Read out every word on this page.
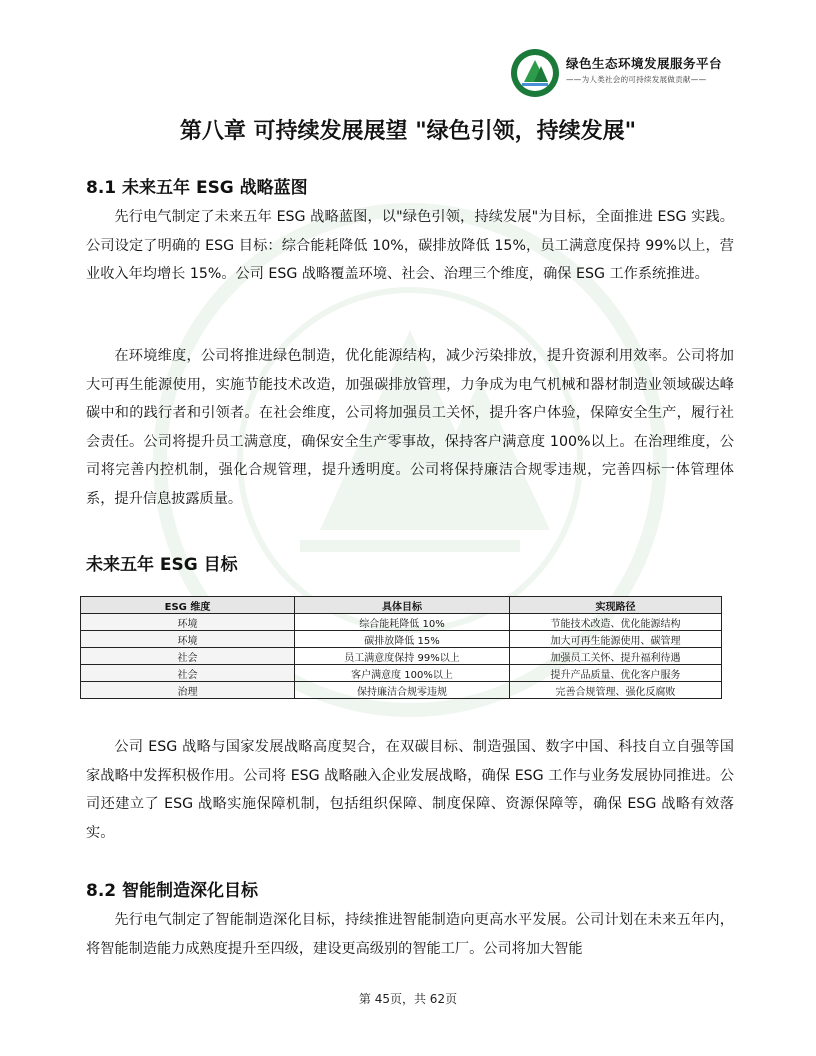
绿色生态环境发展服务平台
——为人类社会的可持续发展做贡献——
第八章 可持续发展展望 "绿色引领，持续发展"
8.1 未来五年 ESG 战略蓝图

先行电气制定了未来五年 ESG 战略蓝图，以"绿色引领，持续发展"为目标，全面推进 ESG 实践。公司设定了明确的 ESG 目标：综合能耗降低 10%，碳排放降低 15%，员工满意度保持 99%以上，营业收入年均增长 15%。公司 ESG 战略覆盖环境、社会、治理三个维度，确保 ESG 工作系统推进。

在环境维度，公司将推进绿色制造，优化能源结构，减少污染排放，提升资源利用效率。公司将加大可再生能源使用，实施节能技术改造，加强碳排放管理，力争成为电气机械和器材制造业领域碳达峰碳中和的践行者和引领者。在社会维度，公司将加强员工关怀，提升客户体验，保障安全生产，履行社会责任。公司将提升员工满意度，确保安全生产零事故，保持客户满意度 100%以上。在治理维度，公司将完善内控机制，强化合规管理，提升透明度。公司将保持廉洁合规零违规，完善四标一体管理体系，提升信息披露质量。

未来五年 ESG 目标
ESG 维度	具体目标	实现路径
环境	综合能耗降低 10%	节能技术改造、优化能源结构
环境	碳排放降低 15%	加大可再生能源使用、碳管理
社会	员工满意度保持 99%以上	加强员工关怀、提升福利待遇
社会	客户满意度 100%以上	提升产品质量、优化客户服务
治理	保持廉洁合规零违规	完善合规管理、强化反腐败

公司 ESG 战略与国家发展战略高度契合，在双碳目标、制造强国、数字中国、科技自立自强等国家战略中发挥积极作用。公司将 ESG 战略融入企业发展战略，确保 ESG 工作与业务发展协同推进。公司还建立了 ESG 战略实施保障机制，包括组织保障、制度保障、资源保障等，确保 ESG 战略有效落实。

8.2 智能制造深化目标

先行电气制定了智能制造深化目标，持续推进智能制造向更高水平发展。公司计划在未来五年内，将智能制造能力成熟度提升至四级，建设更高级别的智能工厂。公司将加大智能

第 45页，共 62页
